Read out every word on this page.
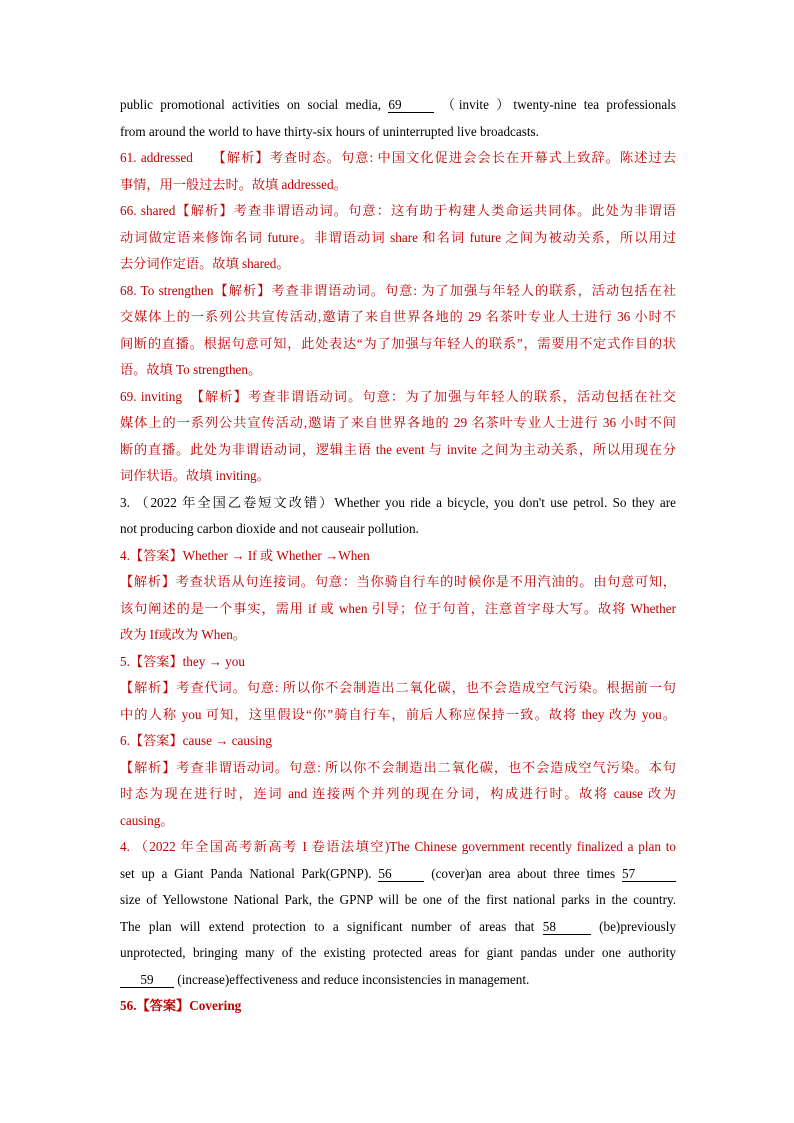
public promotional activities on social media, 69	（invite ）twenty-nine tea professionals
from around the world to have thirty-six hours of uninterrupted live broadcasts.
61. addressed　 【解析】考查时态。句意: 中国文化促进会会长在开幕式上致辞。陈述过去
事情，用一般过去时。故填 addressed。
66. shared【解析】考查非谓语动词。句意：这有助于构建人类命运共同体。此处为非谓语
动词做定语来修饰名词 future。非谓语动词 share 和名词 future 之间为被动关系，所以用过
去分词作定语。故填 shared。
68. To strengthen【解析】考查非谓语动词。句意: 为了加强与年轻人的联系，活动包括在社
交媒体上的一系列公共宣传活动,邀请了来自世界各地的 29 名茶叶专业人士进行 36 小时不
间断的直播。根据句意可知，此处表达“为了加强与年轻人的联系”，需要用不定式作目的状
语。故填 To strengthen。
69. inviting　【解析】考查非谓语动词。句意：为了加强与年轻人的联系，活动包括在社交
媒体上的一系列公共宣传活动,邀请了来自世界各地的 29 名茶叶专业人士进行 36 小时不间
断的直播。此处为非谓语动词，逻辑主语 the event 与 invite 之间为主动关系，所以用现在分
词作状语。故填 inviting。
3. （2022 年全国乙卷短文改错）Whether you ride a bicycle, you don't use petrol. So they are
not producing carbon dioxide and not causeair pollution.
4.【答案】Whether → If 或 Whether →When
【解析】考查状语从句连接词。句意：当你骑自行车的时候你是不用汽油的。由句意可知，
该句阐述的是一个事实，需用 if 或 when 引导；位于句首，注意首字母大写。故将 Whether
改为 If或改为 When。
5.【答案】they → you
【解析】考查代词。句意: 所以你不会制造出二氧化碳，也不会造成空气污染。根据前一句
中的人称 you 可知，这里假设“你”骑自行车，前后人称应保持一致。故将 they 改为 you。
6.【答案】cause → causing
【解析】考查非谓语动词。句意: 所以你不会制造出二氧化碳，也不会造成空气污染。本句
时态为现在进行时，连词 and 连接两个并列的现在分词，构成进行时。故将 cause 改为
causing。
4. （2022 年全国高考新高考 I 卷语法填空)The Chinese government recently finalized a plan to
set up a Giant Panda National Park(GPNP). 56	(cover)an area about three times 57
size of Yellowstone National Park, the GPNP will be one of the first national parks in the country.
The plan will extend protection to a significant number of areas that 58	(be)previously
unprotected, bringing many of the existing protected areas for giant pandas under one authority
59 (increase)effectiveness and reduce inconsistencies in management.
56.【答案】Covering
